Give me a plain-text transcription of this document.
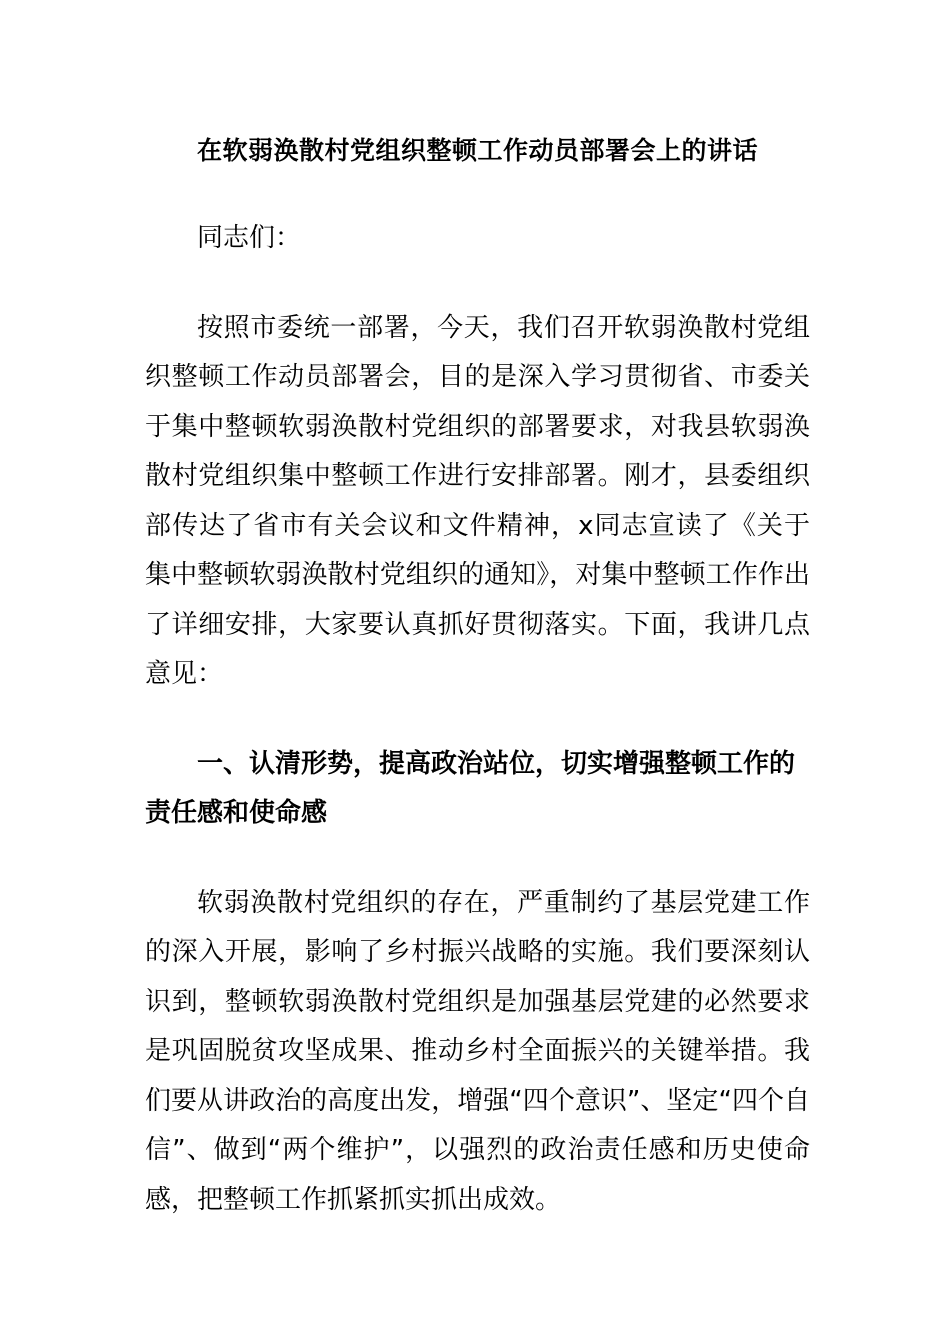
在软弱涣散村党组织整顿工作动员部署会上的讲话
同志们：
按照市委统一部署，今天，我们召开软弱涣散村党组织整顿工作动员部署会，目的是深入学习贯彻省、市委关于集中整顿软弱涣散村党组织的部署要求，对我县软弱涣散村党组织集中整顿工作进行安排部署。刚才，县委组织部传达了省市有关会议和文件精神，x同志宣读了《关于集中整顿软弱涣散村党组织的通知》，对集中整顿工作作出了详细安排，大家要认真抓好贯彻落实。下面，我讲几点意见：
一、认清形势，提高政治站位，切实增强整顿工作的责任感和使命感
软弱涣散村党组织的存在，严重制约了基层党建工作的深入开展，影响了乡村振兴战略的实施。我们要深刻认识到，整顿软弱涣散村党组织是加强基层党建的必然要求是巩固脱贫攻坚成果、推动乡村全面振兴的关键举措。我们要从讲政治的高度出发，增强“四个意识”、坚定“四个自信”、做到“两个维护”，以强烈的政治责任感和历史使命感，把整顿工作抓紧抓实抓出成效。
